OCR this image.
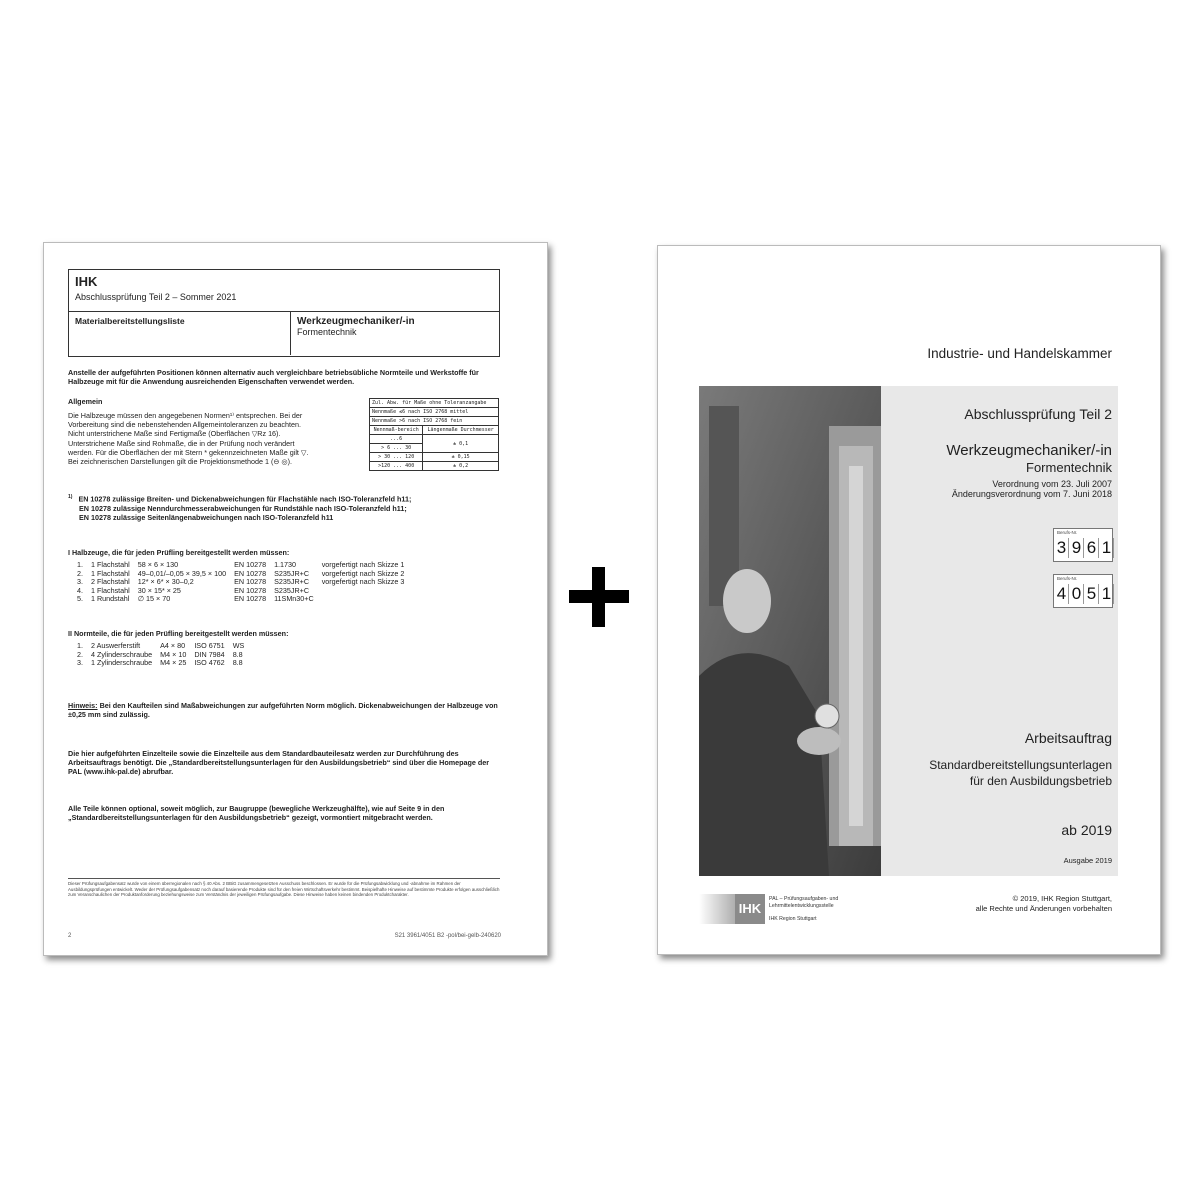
IHK
Abschlussprüfung Teil 2 – Sommer 2021
Materialbereitstellungsliste	Werkzeugmechaniker/-in
Formentechnik
Anstelle der aufgeführten Positionen können alternativ auch vergleichbare betriebsübliche Normteile und Werkstoffe für Halbzeuge mit für die Anwendung ausreichenden Eigenschaften verwendet werden.
Allgemein
Die Halbzeuge müssen den angegebenen Normen¹⁾ entsprechen. Bei der
Vorbereitung sind die nebenstehenden Allgemeintoleranzen zu beachten.
Nicht unterstrichene Maße sind Fertigmaße (Oberflächen ▽Rz 16).
Unterstrichene Maße sind Rohmaße, die in der Prüfung noch verändert
werden. Für die Oberflächen der mit Stern * gekennzeichneten Maße gilt ▽.
Bei zeichnerischen Darstellungen gilt die Projektionsmethode 1 (⊖ ◎).
Zul. Abw. für Maße ohne Toleranzangabe	
Nennmaße ≤6 nach ISO 2768 mittel	
Nennmaße >6 nach ISO 2768 fein	
Nennmaß-bereich	Längenmaße Durchmesser
...6	± 0,1
> 6 ... 30	
> 30 ... 120	± 0,15
>120 ... 400	± 0,2
$^{1)}$ EN 10278 zulässige Breiten- und Dickenabweichungen für Flachstähle nach ISO-Toleranzfeld h11;
EN 10278 zulässige Nenndurchmesserabweichungen für Rundstähle nach ISO-Toleranzfeld h11;
EN 10278 zulässige Seitenlängenabweichungen nach ISO-Toleranzfeld h11
I Halbzeuge, die für jeden Prüfling bereitgestellt werden müssen:
1.	1 Flachstahl	58 × 6 × 130	EN 10278	1.1730	vorgefertigt nach Skizze 1
2.	1 Flachstahl	49–0,01/–0,05 × 39,5 × 100	EN 10278	S235JR+C	vorgefertigt nach Skizze 2
3.	2 Flachstahl	12* × 6* × 30–0,2	EN 10278	S235JR+C	vorgefertigt nach Skizze 3
4.	1 Flachstahl	30 × 15* × 25	EN 10278	S235JR+C	
5.	1 Rundstahl	∅ 15 × 70	EN 10278	11SMn30+C	
II Normteile, die für jeden Prüfling bereitgestellt werden müssen:
1.	2 Auswerferstift	A4 × 80	ISO 6751	WS
2.	4 Zylinderschraube	M4 × 10	DIN 7984	8.8
3.	1 Zylinderschraube	M4 × 25	ISO 4762	8.8
Hinweis: Bei den Kaufteilen sind Maßabweichungen zur aufgeführten Norm möglich. Dickenabweichungen der Halbzeuge von ±0,25 mm sind zulässig.
Die hier aufgeführten Einzelteile sowie die Einzelteile aus dem Standardbauteilesatz werden zur Durchführung des Arbeitsauftrags benötigt. Die „Standardbereitstellungsunterlagen für den Ausbildungsbetrieb“ sind über die Homepage der PAL (www.ihk-pal.de) abrufbar.
Alle Teile können optional, soweit möglich, zur Baugruppe (bewegliche Werkzeughälfte), wie auf Seite 9 in den „Standardbereitstellungsunterlagen für den Ausbildungsbetrieb“ gezeigt, vormontiert mitgebracht werden.
Dieser Prüfungsaufgabensatz wurde von einem überregionalen nach § 40 Abs. 2 BBiG zusammengesetzten Ausschuss beschlossen. Er wurde für die Prüfungsabwicklung und -abnahme im Rahmen der Ausbildungsprüfungen entwickelt. Weder der Prüfungsaufgabensatz noch darauf basierende Produkte sind für den freien Wirtschaftsverkehr bestimmt. Beispielhafte Hinweise auf bestimmte Produkte erfolgen ausschließlich zum Veranschaulichen der Produktanforderung beziehungsweise zum Verständnis der jeweiligen Prüfungsaufgabe. Diese Hinweise haben keinen bindenden Produktcharakter.
2	S21 3961/4051 B2 -pol/bei-gelb-240620
Industrie- und Handelskammer
Abschlussprüfung Teil 2
Werkzeugmechaniker/-in
Formentechnik
Verordnung vom 23. Juli 2007
Änderungsverordnung vom 7. Juni 2018
Berufs-Nr.
3 9 6 1
Berufs-Nr.
4 0 5 1
Arbeitsauftrag
Standardbereitstellungsunterlagen
für den Ausbildungsbetrieb
ab 2019
Ausgabe 2019
IHK
PAL – Prüfungsaufgaben- und
Lehrmittelentwicklungsstelle
IHK Region Stuttgart
© 2019, IHK Region Stuttgart,
alle Rechte und Änderungen vorbehalten
